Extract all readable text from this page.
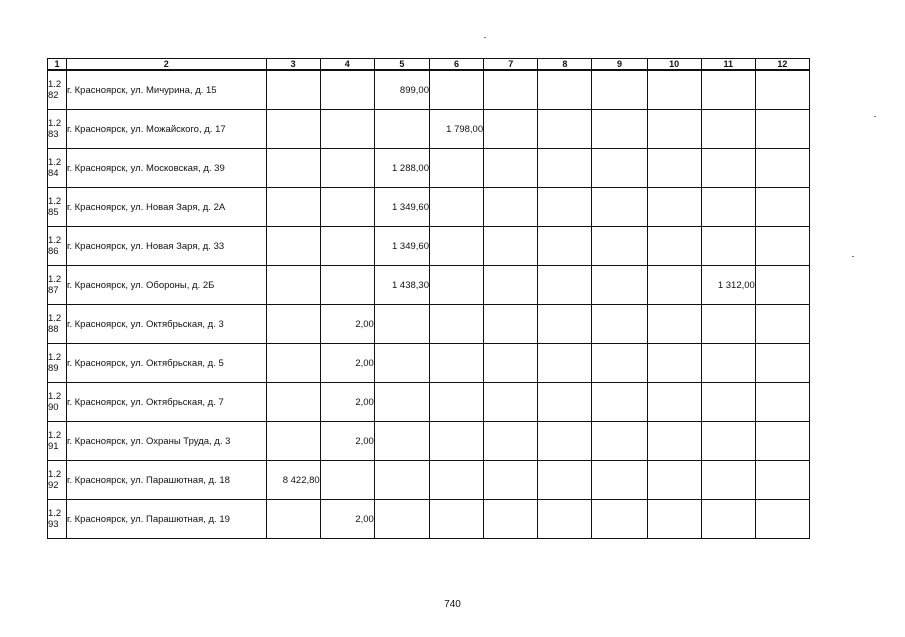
1	2	3	4	5	6	7	8	9	10	11	12
1.2
82	г. Красноярск, ул. Мичурина, д. 15			899,00							
1.2
83	г. Красноярск, ул. Можайского, д. 17				1 798,00						
1.2
84	г. Красноярск, ул. Московская, д. 39			1 288,00							
1.2
85	г. Красноярск, ул. Новая Заря, д. 2А			1 349,60							
1.2
86	г. Красноярск, ул. Новая Заря, д. 33			1 349,60							
1.2
87	г. Красноярск, ул. Обороны, д. 2Б			1 438,30						1 312,00	
1.2
88	г. Красноярск, ул. Октябрьская, д. 3		2,00								
1.2
89	г. Красноярск, ул. Октябрьская, д. 5		2,00								
1.2
90	г. Красноярск, ул. Октябрьская, д. 7		2,00								
1.2
91	г. Красноярск, ул. Охраны Труда, д. 3		2,00								
1.2
92	г. Красноярск, ул. Парашютная, д. 18	8 422,80									
1.2
93	г. Красноярск, ул. Парашютная, д. 19		2,00								
740
